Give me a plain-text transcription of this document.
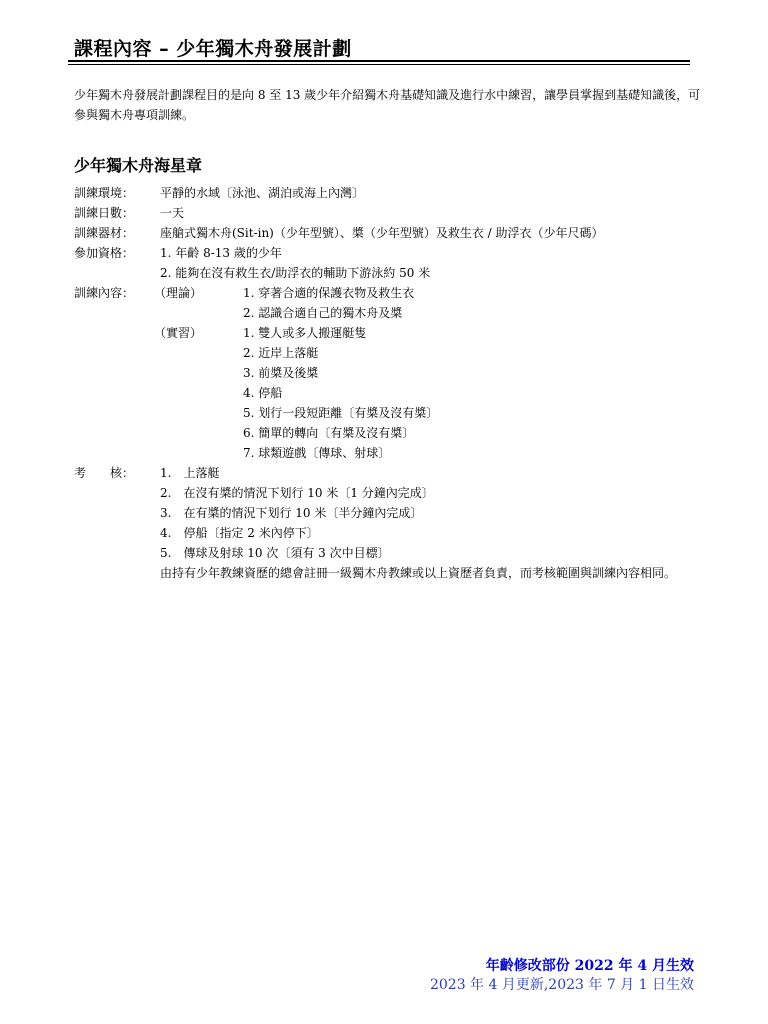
課程內容 – 少年獨木舟發展計劃
少年獨木舟發展計劃課程目的是向 8 至 13 歲少年介紹獨木舟基礎知識及進行水中練習，讓學員掌握到基礎知識後，可參與獨木舟專項訓練。
少年獨木舟海星章
訓練環境： 平靜的水域〔泳池、湖泊或海上內灣〕
訓練日數： 一天
訓練器材： 座艙式獨木舟(Sit-in)（少年型號）、槳（少年型號）及救生衣 / 助浮衣（少年尺碼）
參加資格： 1. 年齡 8-13 歲的少年
2. 能夠在沒有救生衣/助浮衣的輔助下游泳約 50 米
訓練內容： （理論）	1. 穿著合適的保護衣物及救生衣
2. 認識合適自己的獨木舟及槳
（實習）	1. 雙人或多人搬運艇隻
2. 近岸上落艇
3. 前槳及後槳
4. 停船
5. 划行一段短距離〔有槳及沒有槳〕
6. 簡單的轉向〔有槳及沒有槳〕
7. 球類遊戲〔傳球、射球〕
考　　核： 1.　上落艇
2.　在沒有槳的情況下划行 10 米〔1 分鐘內完成〕
3.　在有槳的情況下划行 10 米〔半分鐘內完成〕
4.　停船〔指定 2 米內停下〕
5.　傳球及射球 10 次〔須有 3 次中目標〕
由持有少年教練資歷的總會註冊一級獨木舟教練或以上資歷者負責，而考核範圍與訓練內容相同。
年齡修改部份 2022 年 4 月生效
2023 年 4 月更新,2023 年 7 月 1 日生效
